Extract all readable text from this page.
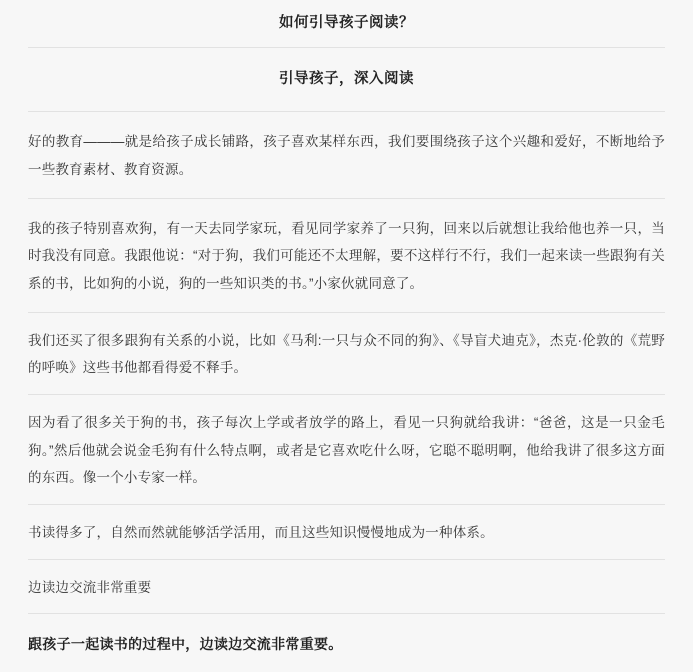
如何引导孩子阅读？
引导孩子，深入阅读
好的教育———就是给孩子成长铺路，孩子喜欢某样东西，我们要围绕孩子这个兴趣和爱好，不断地给予一些教育素材、教育资源。
我的孩子特别喜欢狗，有一天去同学家玩，看见同学家养了一只狗，回来以后就想让我给他也养一只，当时我没有同意。我跟他说：“对于狗，我们可能还不太理解，要不这样行不行，我们一起来读一些跟狗有关系的书，比如狗的小说，狗的一些知识类的书。”小家伙就同意了。
我们还买了很多跟狗有关系的小说，比如《马利:一只与众不同的狗》、《导盲犬迪克》，杰克·伦敦的《荒野的呼唤》这些书他都看得爱不释手。
因为看了很多关于狗的书，孩子每次上学或者放学的路上，看见一只狗就给我讲：“爸爸，这是一只金毛狗。”然后他就会说金毛狗有什么特点啊，或者是它喜欢吃什么呀，它聪不聪明啊，他给我讲了很多这方面的东西。像一个小专家一样。
书读得多了，自然而然就能够活学活用，而且这些知识慢慢地成为一种体系。
边读边交流非常重要
跟孩子一起读书的过程中，边读边交流非常重要。
